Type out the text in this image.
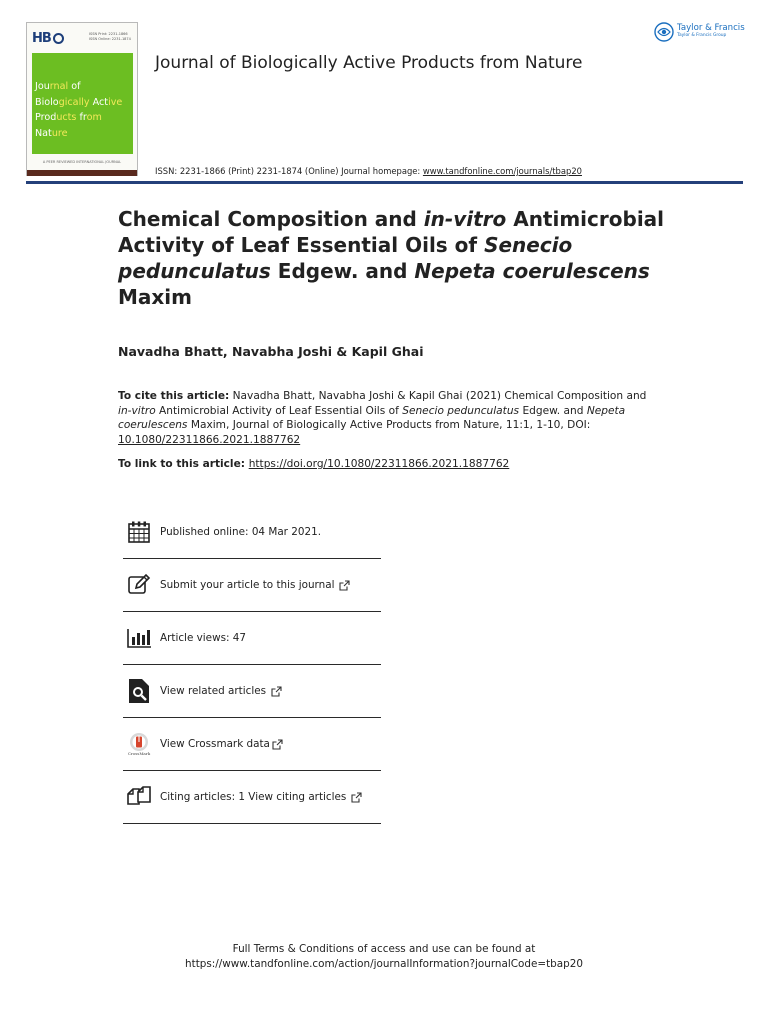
HB	ISSN Print: 2231-1866
ISSN Online: 2231-1874
Journal of
Biologically Active
Products from
Nature
A PEER REVIEWED INTERNATIONAL JOURNAL
Journal of Biologically Active Products from Nature
ISSN: 2231-1866 (Print) 2231-1874 (Online) Journal homepage: www.tandfonline.com/journals/tbap20
Taylor & Francis
Taylor & Francis Group
Chemical Composition and in-vitro Antimicrobial Activity of Leaf Essential Oils of Senecio pedunculatus Edgew. and Nepeta coerulescens Maxim

Navadha Bhatt, Navabha Joshi & Kapil Ghai

To cite this article: Navadha Bhatt, Navabha Joshi & Kapil Ghai (2021) Chemical Composition and in-vitro Antimicrobial Activity of Leaf Essential Oils of Senecio pedunculatus Edgew. and Nepeta coerulescens Maxim, Journal of Biologically Active Products from Nature, 11:1, 1-10, DOI: 10.1080/22311866.2021.1887762
To link to this article: https://doi.org/10.1080/22311866.2021.1887762
Published online: 04 Mar 2021.
Submit your article to this journal
Article views: 47
View related articles
CrossMark
View Crossmark data
Citing articles: 1 View citing articles
Full Terms & Conditions of access and use can be found at
https://www.tandfonline.com/action/journalInformation?journalCode=tbap20
